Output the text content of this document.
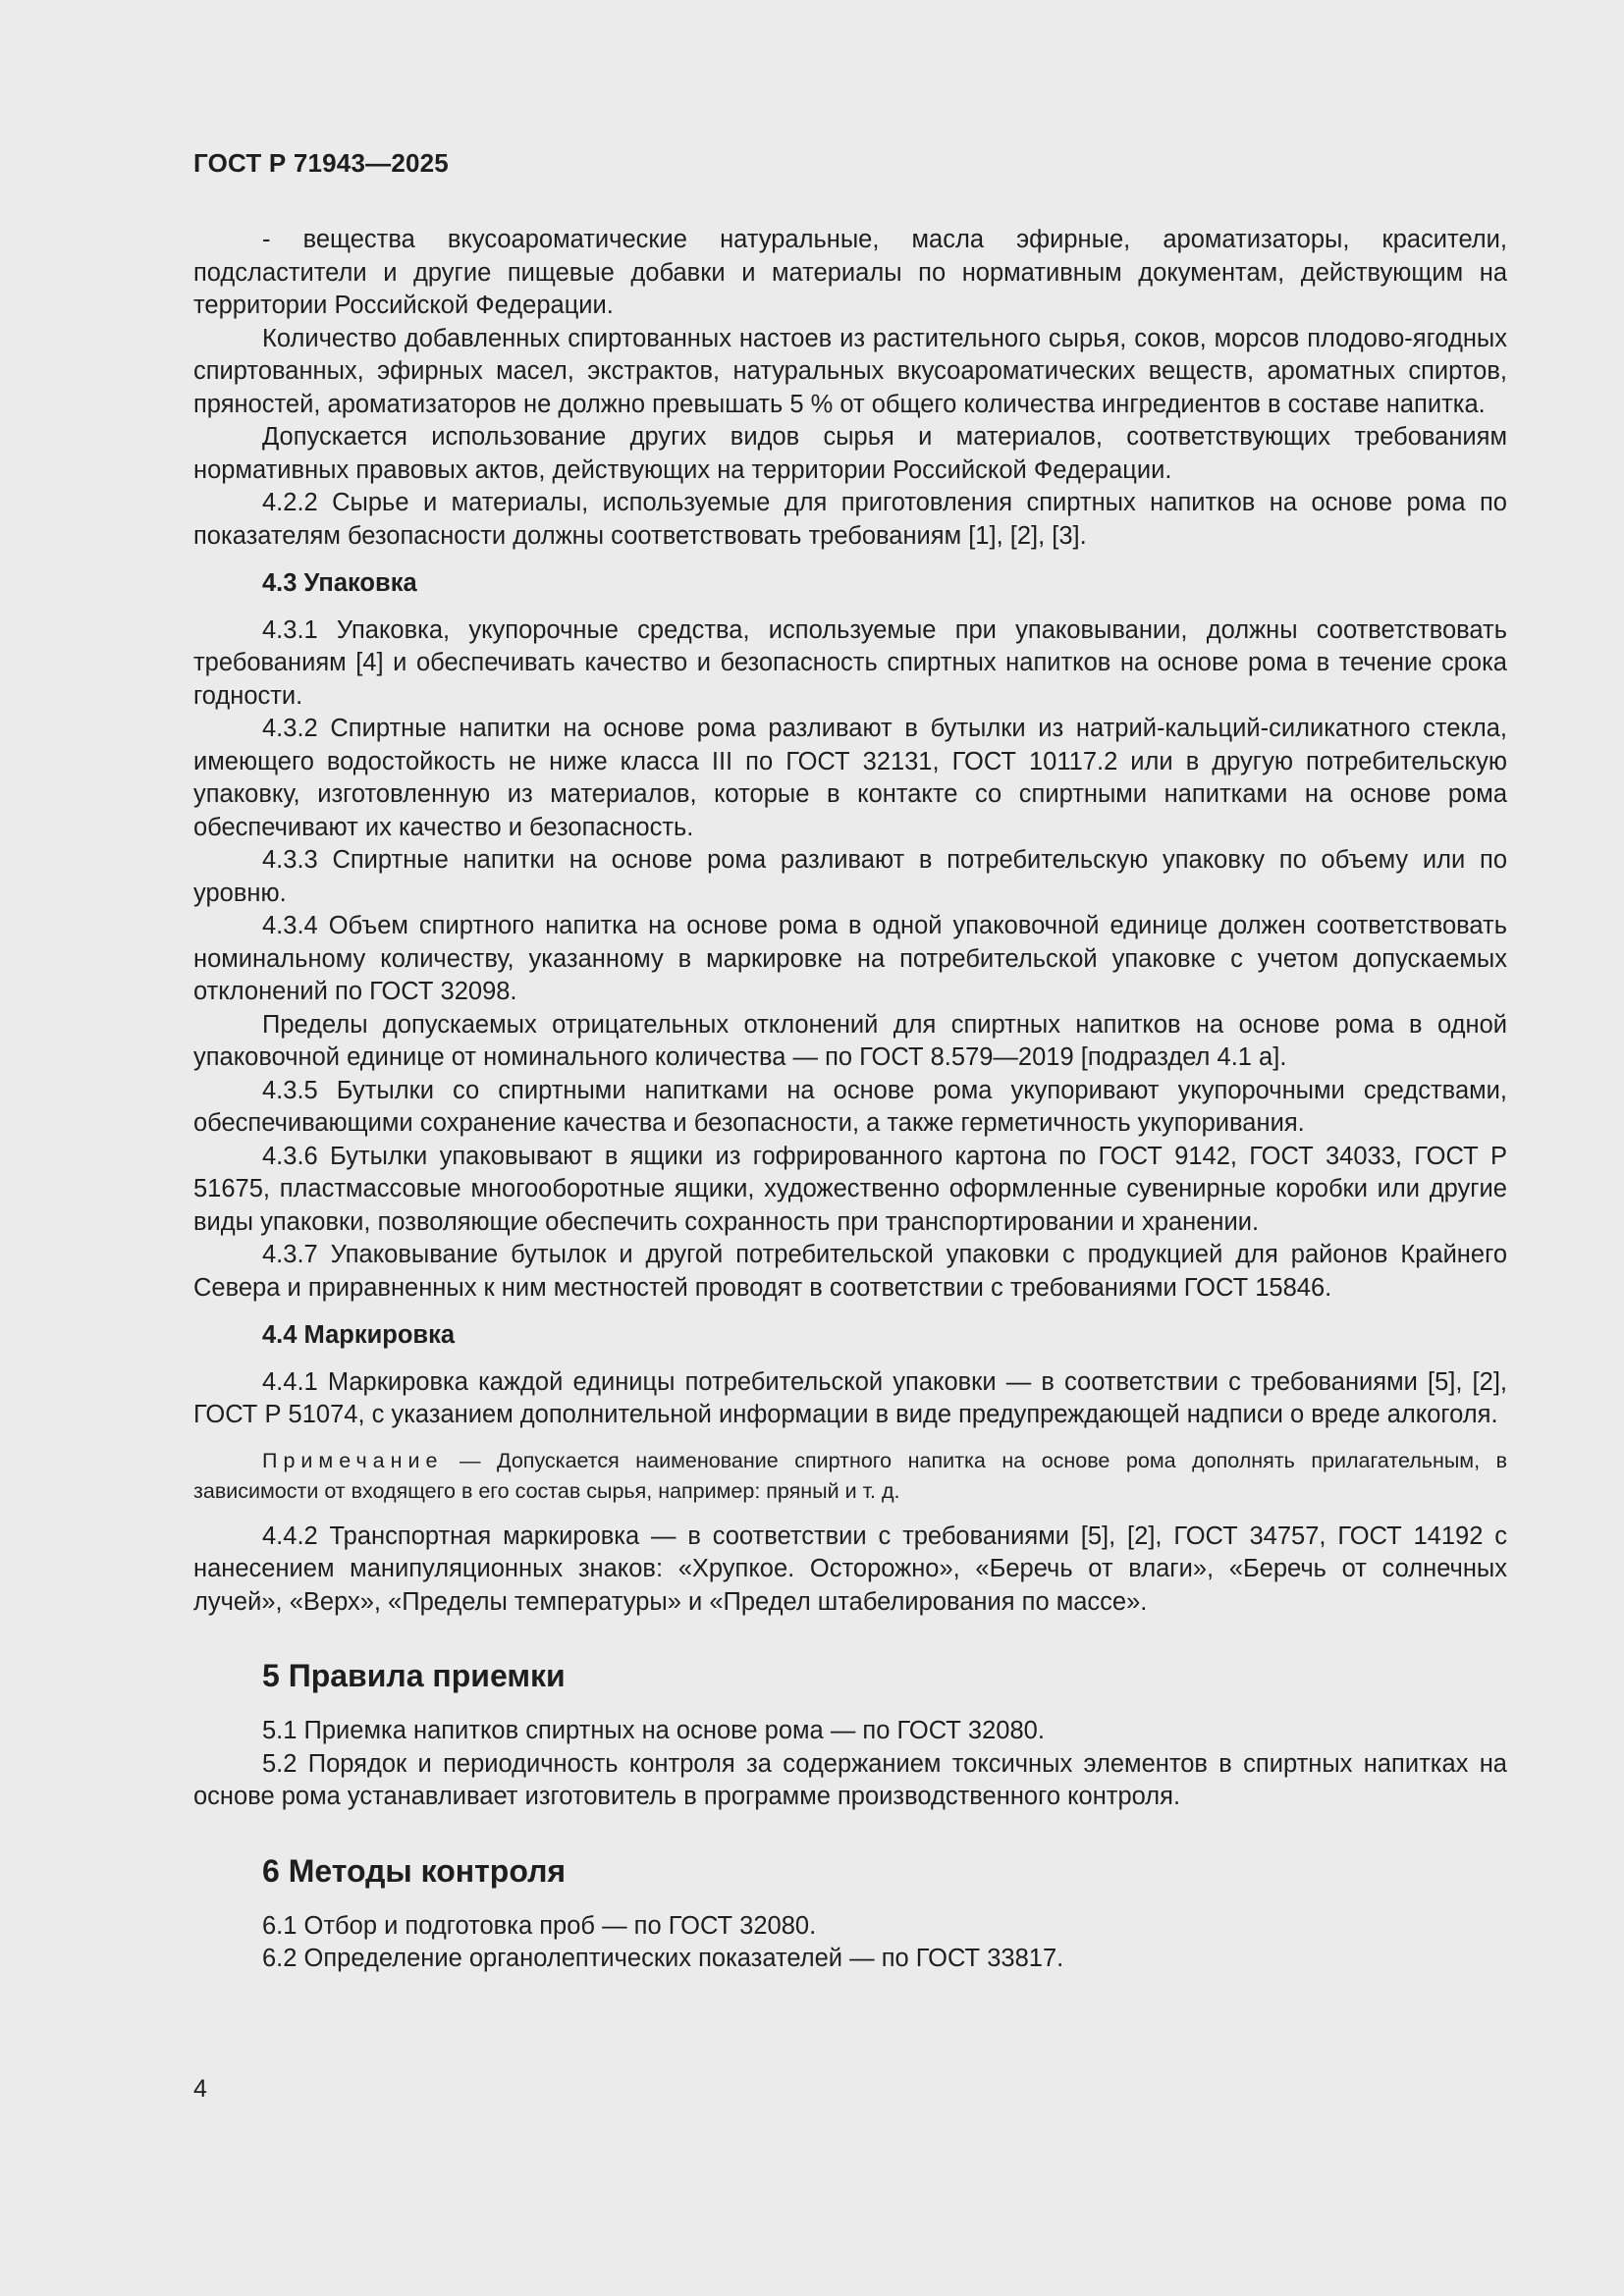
ГОСТ Р 71943—2025

- вещества вкусоароматические натуральные, масла эфирные, ароматизаторы, красители, подсластители и другие пищевые добавки и материалы по нормативным документам, действующим на территории Российской Федерации.

Количество добавленных спиртованных настоев из растительного сырья, соков, морсов плодово-ягодных спиртованных, эфирных масел, экстрактов, натуральных вкусоароматических веществ, ароматных спиртов, пряностей, ароматизаторов не должно превышать 5 % от общего количества ингредиентов в составе напитка.

Допускается использование других видов сырья и материалов, соответствующих требованиям нормативных правовых актов, действующих на территории Российской Федерации.

4.2.2 Сырье и материалы, используемые для приготовления спиртных напитков на основе рома по показателям безопасности должны соответствовать требованиям [1], [2], [3].

4.3 Упаковка

4.3.1 Упаковка, укупорочные средства, используемые при упаковывании, должны соответствовать требованиям [4] и обеспечивать качество и безопасность спиртных напитков на основе рома в течение срока годности.

4.3.2 Спиртные напитки на основе рома разливают в бутылки из натрий-кальций-силикатного стекла, имеющего водостойкость не ниже класса III по ГОСТ 32131, ГОСТ 10117.2 или в другую потребительскую упаковку, изготовленную из материалов, которые в контакте со спиртными напитками на основе рома обеспечивают их качество и безопасность.

4.3.3 Спиртные напитки на основе рома разливают в потребительскую упаковку по объему или по уровню.

4.3.4 Объем спиртного напитка на основе рома в одной упаковочной единице должен соответствовать номинальному количеству, указанному в маркировке на потребительской упаковке с учетом допускаемых отклонений по ГОСТ 32098.

Пределы допускаемых отрицательных отклонений для спиртных напитков на основе рома в одной упаковочной единице от номинального количества — по ГОСТ 8.579—2019 [подраздел 4.1 а].

4.3.5 Бутылки со спиртными напитками на основе рома укупоривают укупорочными средствами, обеспечивающими сохранение качества и безопасности, а также герметичность укупоривания.

4.3.6 Бутылки упаковывают в ящики из гофрированного картона по ГОСТ 9142, ГОСТ 34033, ГОСТ Р 51675, пластмассовые многооборотные ящики, художественно оформленные сувенирные коробки или другие виды упаковки, позволяющие обеспечить сохранность при транспортировании и хранении.

4.3.7 Упаковывание бутылок и другой потребительской упаковки с продукцией для районов Крайнего Севера и приравненных к ним местностей проводят в соответствии с требованиями ГОСТ 15846.

4.4 Маркировка

4.4.1 Маркировка каждой единицы потребительской упаковки — в соответствии с требованиями [5], [2], ГОСТ Р 51074, с указанием дополнительной информации в виде предупреждающей надписи о вреде алкоголя.

Примечание — Допускается наименование спиртного напитка на основе рома дополнять прилагательным, в зависимости от входящего в его состав сырья, например: пряный и т. д.

4.4.2 Транспортная маркировка — в соответствии с требованиями [5], [2], ГОСТ 34757, ГОСТ 14192 с нанесением манипуляционных знаков: «Хрупкое. Осторожно», «Беречь от влаги», «Беречь от солнечных лучей», «Верх», «Пределы температуры» и «Предел штабелирования по массе».

5 Правила приемки

5.1 Приемка напитков спиртных на основе рома — по ГОСТ 32080.

5.2 Порядок и периодичность контроля за содержанием токсичных элементов в спиртных напитках на основе рома устанавливает изготовитель в программе производственного контроля.

6 Методы контроля

6.1 Отбор и подготовка проб — по ГОСТ 32080.

6.2 Определение органолептических показателей — по ГОСТ 33817.

4
